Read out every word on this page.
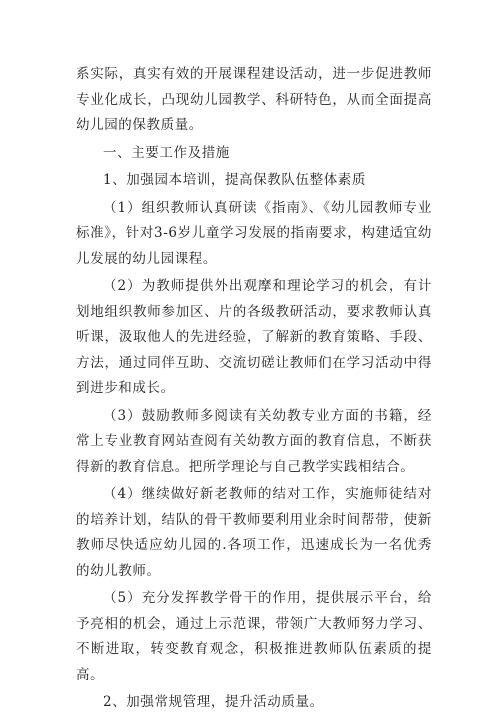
系实际，真实有效的开展课程建设活动，进一步促进教师专业化成长，凸现幼儿园教学、科研特色，从而全面提高幼儿园的保教质量。

一、主要工作及措施

1、加强园本培训，提高保教队伍整体素质

（1）组织教师认真研读《指南》、《幼儿园教师专业标准》，针对3-6岁儿童学习发展的指南要求，构建适宜幼儿发展的幼儿园课程。

（2）为教师提供外出观摩和理论学习的机会，有计划地组织教师参加区、片的各级教研活动，要求教师认真听课，汲取他人的先进经验，了解新的教育策略、手段、方法，通过同伴互助、交流切磋让教师们在学习活动中得到进步和成长。

（3）鼓励教师多阅读有关幼教专业方面的书籍，经常上专业教育网站查阅有关幼教方面的教育信息，不断获得新的教育信息。把所学理论与自己教学实践相结合。

（4）继续做好新老教师的结对工作，实施师徒结对的培养计划，结队的骨干教师要利用业余时间帮带，使新教师尽快适应幼儿园的.各项工作，迅速成长为一名优秀的幼儿教师。

（5）充分发挥教学骨干的作用，提供展示平台，给予亮相的机会，通过上示范课，带领广大教师努力学习、不断进取，转变教育观念，积极推进教师队伍素质的提高。

2、加强常规管理，提升活动质量。
